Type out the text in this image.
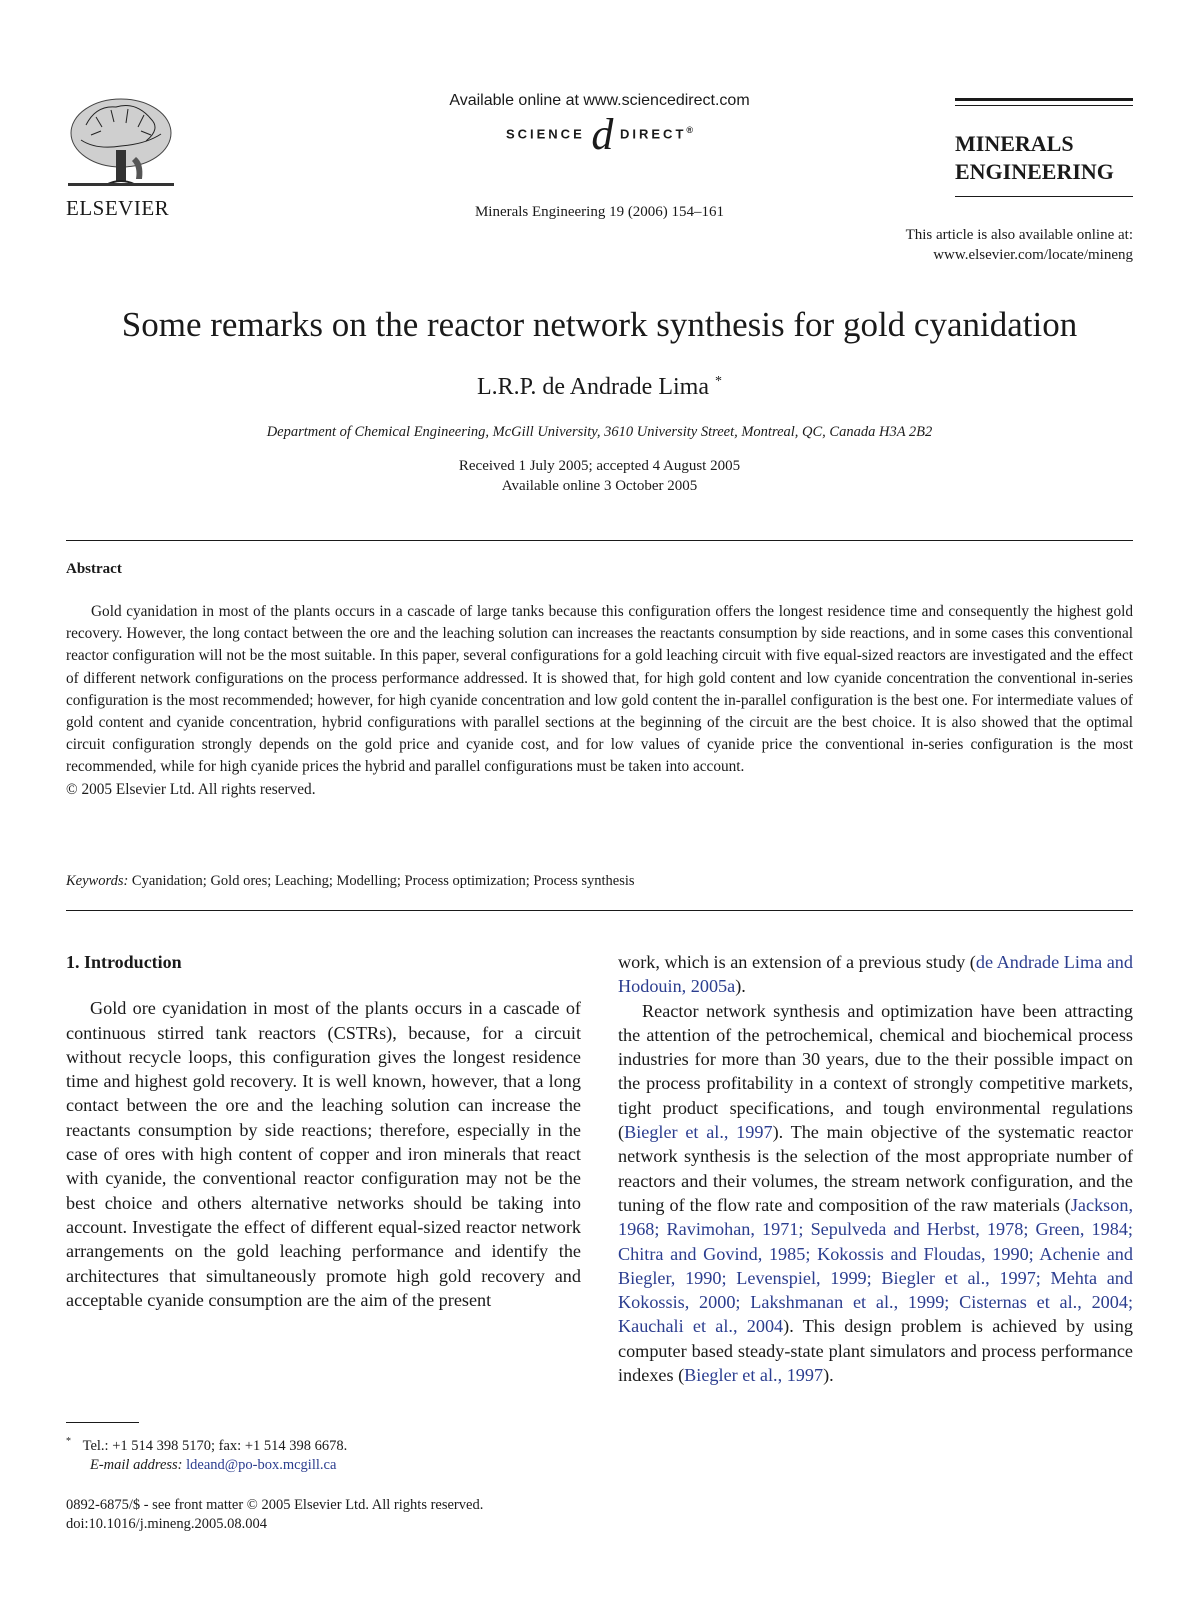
ELSEVIER
Available online at www.sciencedirect.com
SCIENCE d DIRECT®
Minerals Engineering 19 (2006) 154–161
MINERALS
ENGINEERING
This article is also available online at:
www.elsevier.com/locate/mineng
Some remarks on the reactor network synthesis for gold cyanidation
L.R.P. de Andrade Lima *
Department of Chemical Engineering, McGill University, 3610 University Street, Montreal, QC, Canada H3A 2B2
Received 1 July 2005; accepted 4 August 2005
Available online 3 October 2005
Abstract

Gold cyanidation in most of the plants occurs in a cascade of large tanks because this configuration offers the longest residence time and consequently the highest gold recovery. However, the long contact between the ore and the leaching solution can increases the reactants consumption by side reactions, and in some cases this conventional reactor configuration will not be the most suitable. In this paper, several configurations for a gold leaching circuit with five equal-sized reactors are investigated and the effect of different network configurations on the process performance addressed. It is showed that, for high gold content and low cyanide concentration the conventional in-series configuration is the most recommended; however, for high cyanide concentration and low gold content the in-parallel configuration is the best one. For intermediate values of gold content and cyanide concentration, hybrid configurations with parallel sections at the beginning of the circuit are the best choice. It is also showed that the optimal circuit configuration strongly depends on the gold price and cyanide cost, and for low values of cyanide price the conventional in-series configuration is the most recommended, while for high cyanide prices the hybrid and parallel configurations must be taken into account.

© 2005 Elsevier Ltd. All rights reserved.
Keywords: Cyanidation; Gold ores; Leaching; Modelling; Process optimization; Process synthesis

1. Introduction

Gold ore cyanidation in most of the plants occurs in a cascade of continuous stirred tank reactors (CSTRs), because, for a circuit without recycle loops, this configuration gives the longest residence time and highest gold recovery. It is well known, however, that a long contact between the ore and the leaching solution can increase the reactants consumption by side reactions; therefore, especially in the case of ores with high content of copper and iron minerals that react with cyanide, the conventional reactor configuration may not be the best choice and others alternative networks should be taking into account. Investigate the effect of different equal-sized reactor network arrangements on the gold leaching performance and identify the architectures that simultaneously promote high gold recovery and acceptable cyanide consumption are the aim of the present

* Tel.: +1 514 398 5170; fax: +1 514 398 6678.
E-mail address: ldeand@po-box.mcgill.ca
0892-6875/$ - see front matter © 2005 Elsevier Ltd. All rights reserved.
doi:10.1016/j.mineng.2005.08.004

work, which is an extension of a previous study (de Andrade Lima and Hodouin, 2005a).

Reactor network synthesis and optimization have been attracting the attention of the petrochemical, chemical and biochemical process industries for more than 30 years, due to the their possible impact on the process profitability in a context of strongly competitive markets, tight product specifications, and tough environmental regulations (Biegler et al., 1997). The main objective of the systematic reactor network synthesis is the selection of the most appropriate number of reactors and their volumes, the stream network configuration, and the tuning of the flow rate and composition of the raw materials (Jackson, 1968; Ravimohan, 1971; Sepulveda and Herbst, 1978; Green, 1984; Chitra and Govind, 1985; Kokossis and Floudas, 1990; Achenie and Biegler, 1990; Levenspiel, 1999; Biegler et al., 1997; Mehta and Kokossis, 2000; Lakshmanan et al., 1999; Cisternas et al., 2004; Kauchali et al., 2004). This design problem is achieved by using computer based steady-state plant simulators and process performance indexes (Biegler et al., 1997).
